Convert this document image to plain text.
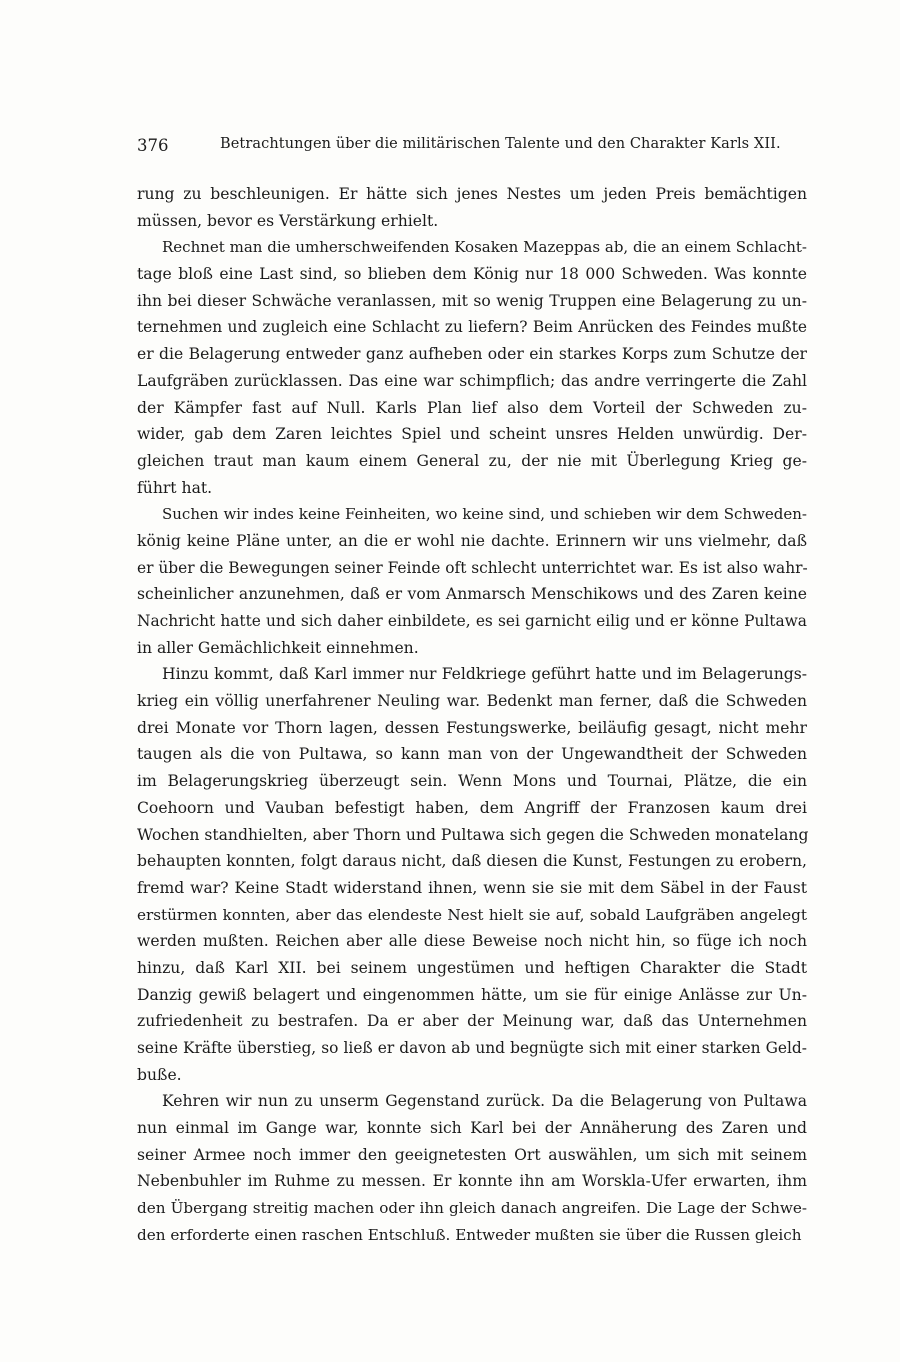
376	Betrachtungen über die militärischen Talente und den Charakter Karls XII.
rung zu beschleunigen. Er hätte sich jenes Nestes um jeden Preis bemächtigen
müssen, bevor es Verstärkung erhielt.
Rechnet man die umherschweifenden Kosaken Mazeppas ab, die an einem Schlacht-
tage bloß eine Last sind, so blieben dem König nur 18 000 Schweden. Was konnte
ihn bei dieser Schwäche veranlassen, mit so wenig Truppen eine Belagerung zu un-
ternehmen und zugleich eine Schlacht zu liefern? Beim Anrücken des Feindes mußte
er die Belagerung entweder ganz aufheben oder ein starkes Korps zum Schutze der
Laufgräben zurücklassen. Das eine war schimpflich; das andre verringerte die Zahl
der Kämpfer fast auf Null. Karls Plan lief also dem Vorteil der Schweden zu-
wider, gab dem Zaren leichtes Spiel und scheint unsres Helden unwürdig. Der-
gleichen traut man kaum einem General zu, der nie mit Überlegung Krieg ge-
führt hat.
Suchen wir indes keine Feinheiten, wo keine sind, und schieben wir dem Schweden-
könig keine Pläne unter, an die er wohl nie dachte. Erinnern wir uns vielmehr, daß
er über die Bewegungen seiner Feinde oft schlecht unterrichtet war. Es ist also wahr-
scheinlicher anzunehmen, daß er vom Anmarsch Menschikows und des Zaren keine
Nachricht hatte und sich daher einbildete, es sei garnicht eilig und er könne Pultawa
in aller Gemächlichkeit einnehmen.
Hinzu kommt, daß Karl immer nur Feldkriege geführt hatte und im Belagerungs-
krieg ein völlig unerfahrener Neuling war. Bedenkt man ferner, daß die Schweden
drei Monate vor Thorn lagen, dessen Festungswerke, beiläufig gesagt, nicht mehr
taugen als die von Pultawa, so kann man von der Ungewandtheit der Schweden
im Belagerungskrieg überzeugt sein. Wenn Mons und Tournai, Plätze, die ein
Coehoorn und Vauban befestigt haben, dem Angriff der Franzosen kaum drei
Wochen standhielten, aber Thorn und Pultawa sich gegen die Schweden monatelang
behaupten konnten, folgt daraus nicht, daß diesen die Kunst, Festungen zu erobern,
fremd war? Keine Stadt widerstand ihnen, wenn sie sie mit dem Säbel in der Faust
erstürmen konnten, aber das elendeste Nest hielt sie auf, sobald Laufgräben angelegt
werden mußten. Reichen aber alle diese Beweise noch nicht hin, so füge ich noch
hinzu, daß Karl XII. bei seinem ungestümen und heftigen Charakter die Stadt
Danzig gewiß belagert und eingenommen hätte, um sie für einige Anlässe zur Un-
zufriedenheit zu bestrafen. Da er aber der Meinung war, daß das Unternehmen
seine Kräfte überstieg, so ließ er davon ab und begnügte sich mit einer starken Geld-
buße.
Kehren wir nun zu unserm Gegenstand zurück. Da die Belagerung von Pultawa
nun einmal im Gange war, konnte sich Karl bei der Annäherung des Zaren und
seiner Armee noch immer den geeignetesten Ort auswählen, um sich mit seinem
Nebenbuhler im Ruhme zu messen. Er konnte ihn am Worskla-Ufer erwarten, ihm
den Übergang streitig machen oder ihn gleich danach angreifen. Die Lage der Schwe-
den erforderte einen raschen Entschluß. Entweder mußten sie über die Russen gleich
